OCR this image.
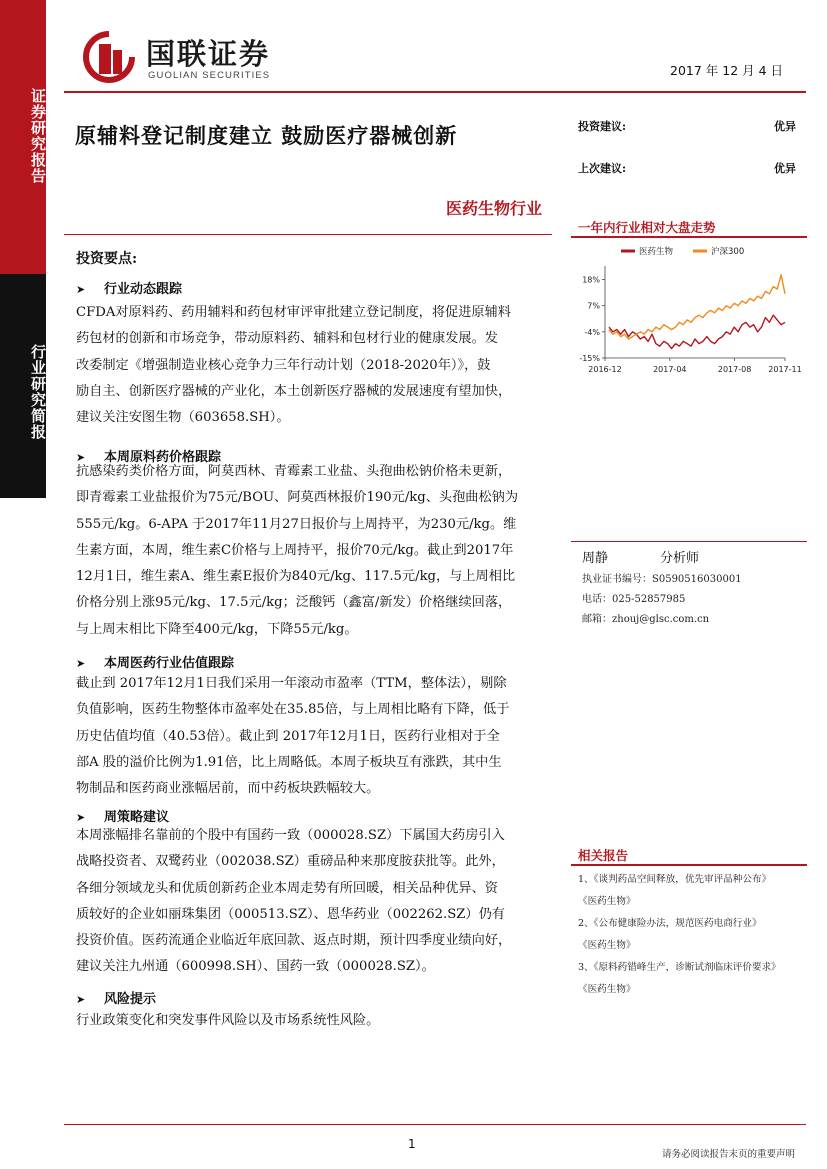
证券研究报告
行业研究简报
国联证券
GUOLIAN SECURITIES	2017 年 12 月 4 日
原辅料登记制度建立 鼓励医疗器械创新
医药生物行业
投资建议:	优异
上次建议:	优异
一年内行业相对大盘走势
医药生物	沪深300
18%
7%
-4%
-15%
2016-12	2017-04	2017-08 2017-11
投资要点:
➤ 行业动态跟踪
CFDA对原料药、药用辅料和药包材审评审批建立登记制度，将促进原辅料
药包材的创新和市场竞争，带动原料药、辅料和包材行业的健康发展。发
改委制定《增强制造业核心竞争力三年行动计划（2018-2020年）》，鼓
励自主、创新医疗器械的产业化，本土创新医疗器械的发展速度有望加快，
建议关注安图生物（603658.SH）。
➤ 本周原料药价格跟踪
抗感染药类价格方面，阿莫西林、青霉素工业盐、头孢曲松钠价格未更新，
即青霉素工业盐报价为75元/BOU、阿莫西林报价190元/kg、头孢曲松钠为
555元/kg。6-APA 于2017年11月27日报价与上周持平，为230元/kg。维
生素方面，本周，维生素C价格与上周持平，报价70元/kg。截止到2017年
12月1日，维生素A、维生素E报价为840元/kg、117.5元/kg，与上周相比
价格分别上涨95元/kg、17.5元/kg；泛酸钙（鑫富/新发）价格继续回落，
与上周末相比下降至400元/kg，下降55元/kg。
➤ 本周医药行业估值跟踪
截止到 2017年12月1日我们采用一年滚动市盈率（TTM，整体法），剔除
负值影响，医药生物整体市盈率处在35.85倍，与上周相比略有下降，低于
历史估值均值（40.53倍）。截止到 2017年12月1日，医药行业相对于全
部A 股的溢价比例为1.91倍，比上周略低。本周子板块互有涨跌，其中生
物制品和医药商业涨幅居前，而中药板块跌幅较大。
➤ 周策略建议
本周涨幅排名靠前的个股中有国药一致（000028.SZ）下属国大药房引入
战略投资者、双鹭药业（002038.SZ）重磅品种来那度胺获批等。此外，
各细分领域龙头和优质创新药企业本周走势有所回暖，相关品种优异、资
质较好的企业如丽珠集团（000513.SZ）、恩华药业（002262.SZ）仍有
投资价值。医药流通企业临近年底回款、返点时期，预计四季度业绩向好，
建议关注九州通（600998.SH）、国药一致（000028.SZ）。
➤ 风险提示
行业政策变化和突发事件风险以及市场系统性风险。
周静	分析师
执业证书编号：S0590516030001
电话：025-52857985
邮箱：zhouj@glsc.com.cn
相关报告
1、《谈判药品空间释放，优先审评品种公布》
《医药生物》
2、《公布健康险办法，规范医药电商行业》
《医药生物》
3、《原料药错峰生产，诊断试剂临床评价要求》
《医药生物》
1
请务必阅读报告末页的重要声明
